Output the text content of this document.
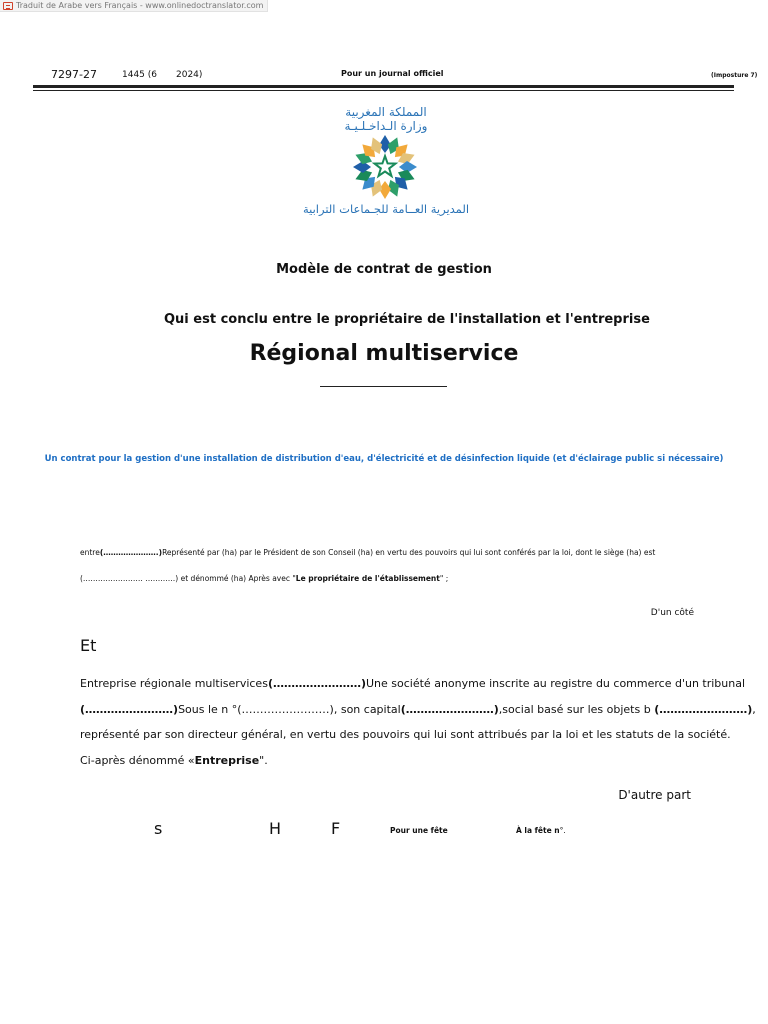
Traduit de Arabe vers Français - www.onlinedoctranslator.com
7297-27	1445 (6 2024)	Pour un journal officiel	(Imposture 7)
المملكة المغربية
وزارة الـداخـلـيـة
المديرية العــامة للجـماعات الترابية
Modèle de contrat de gestion
Qui est conclu entre le propriétaire de l'installation et l'entreprise
Régional multiservice
Un contrat pour la gestion d'une installation de distribution d'eau, d'électricité et de désinfection liquide (et d'éclairage public si nécessaire)
entre(………………….)Représenté par (ha) par le Président de son Conseil (ha) en vertu des pouvoirs qui lui sont conférés par la loi, dont le siège (ha) est
(…………………… …………) et dénommé (ha) Après avec "Le propriétaire de l'établissement" ;
D'un côté
Et
Entreprise régionale multiservices(……………………)Une société anonyme inscrite au registre du commerce d'un tribunal
(……………………)Sous le n °(……………………), son capital(……………………),social basé sur les objets b (……………………),
représenté par son directeur général, en vertu des pouvoirs qui lui sont attribués par la loi et les statuts de la société.
Ci-après dénommé «Entreprise".
D'autre part
s	H	F	Pour une fête	À la fête n°.
